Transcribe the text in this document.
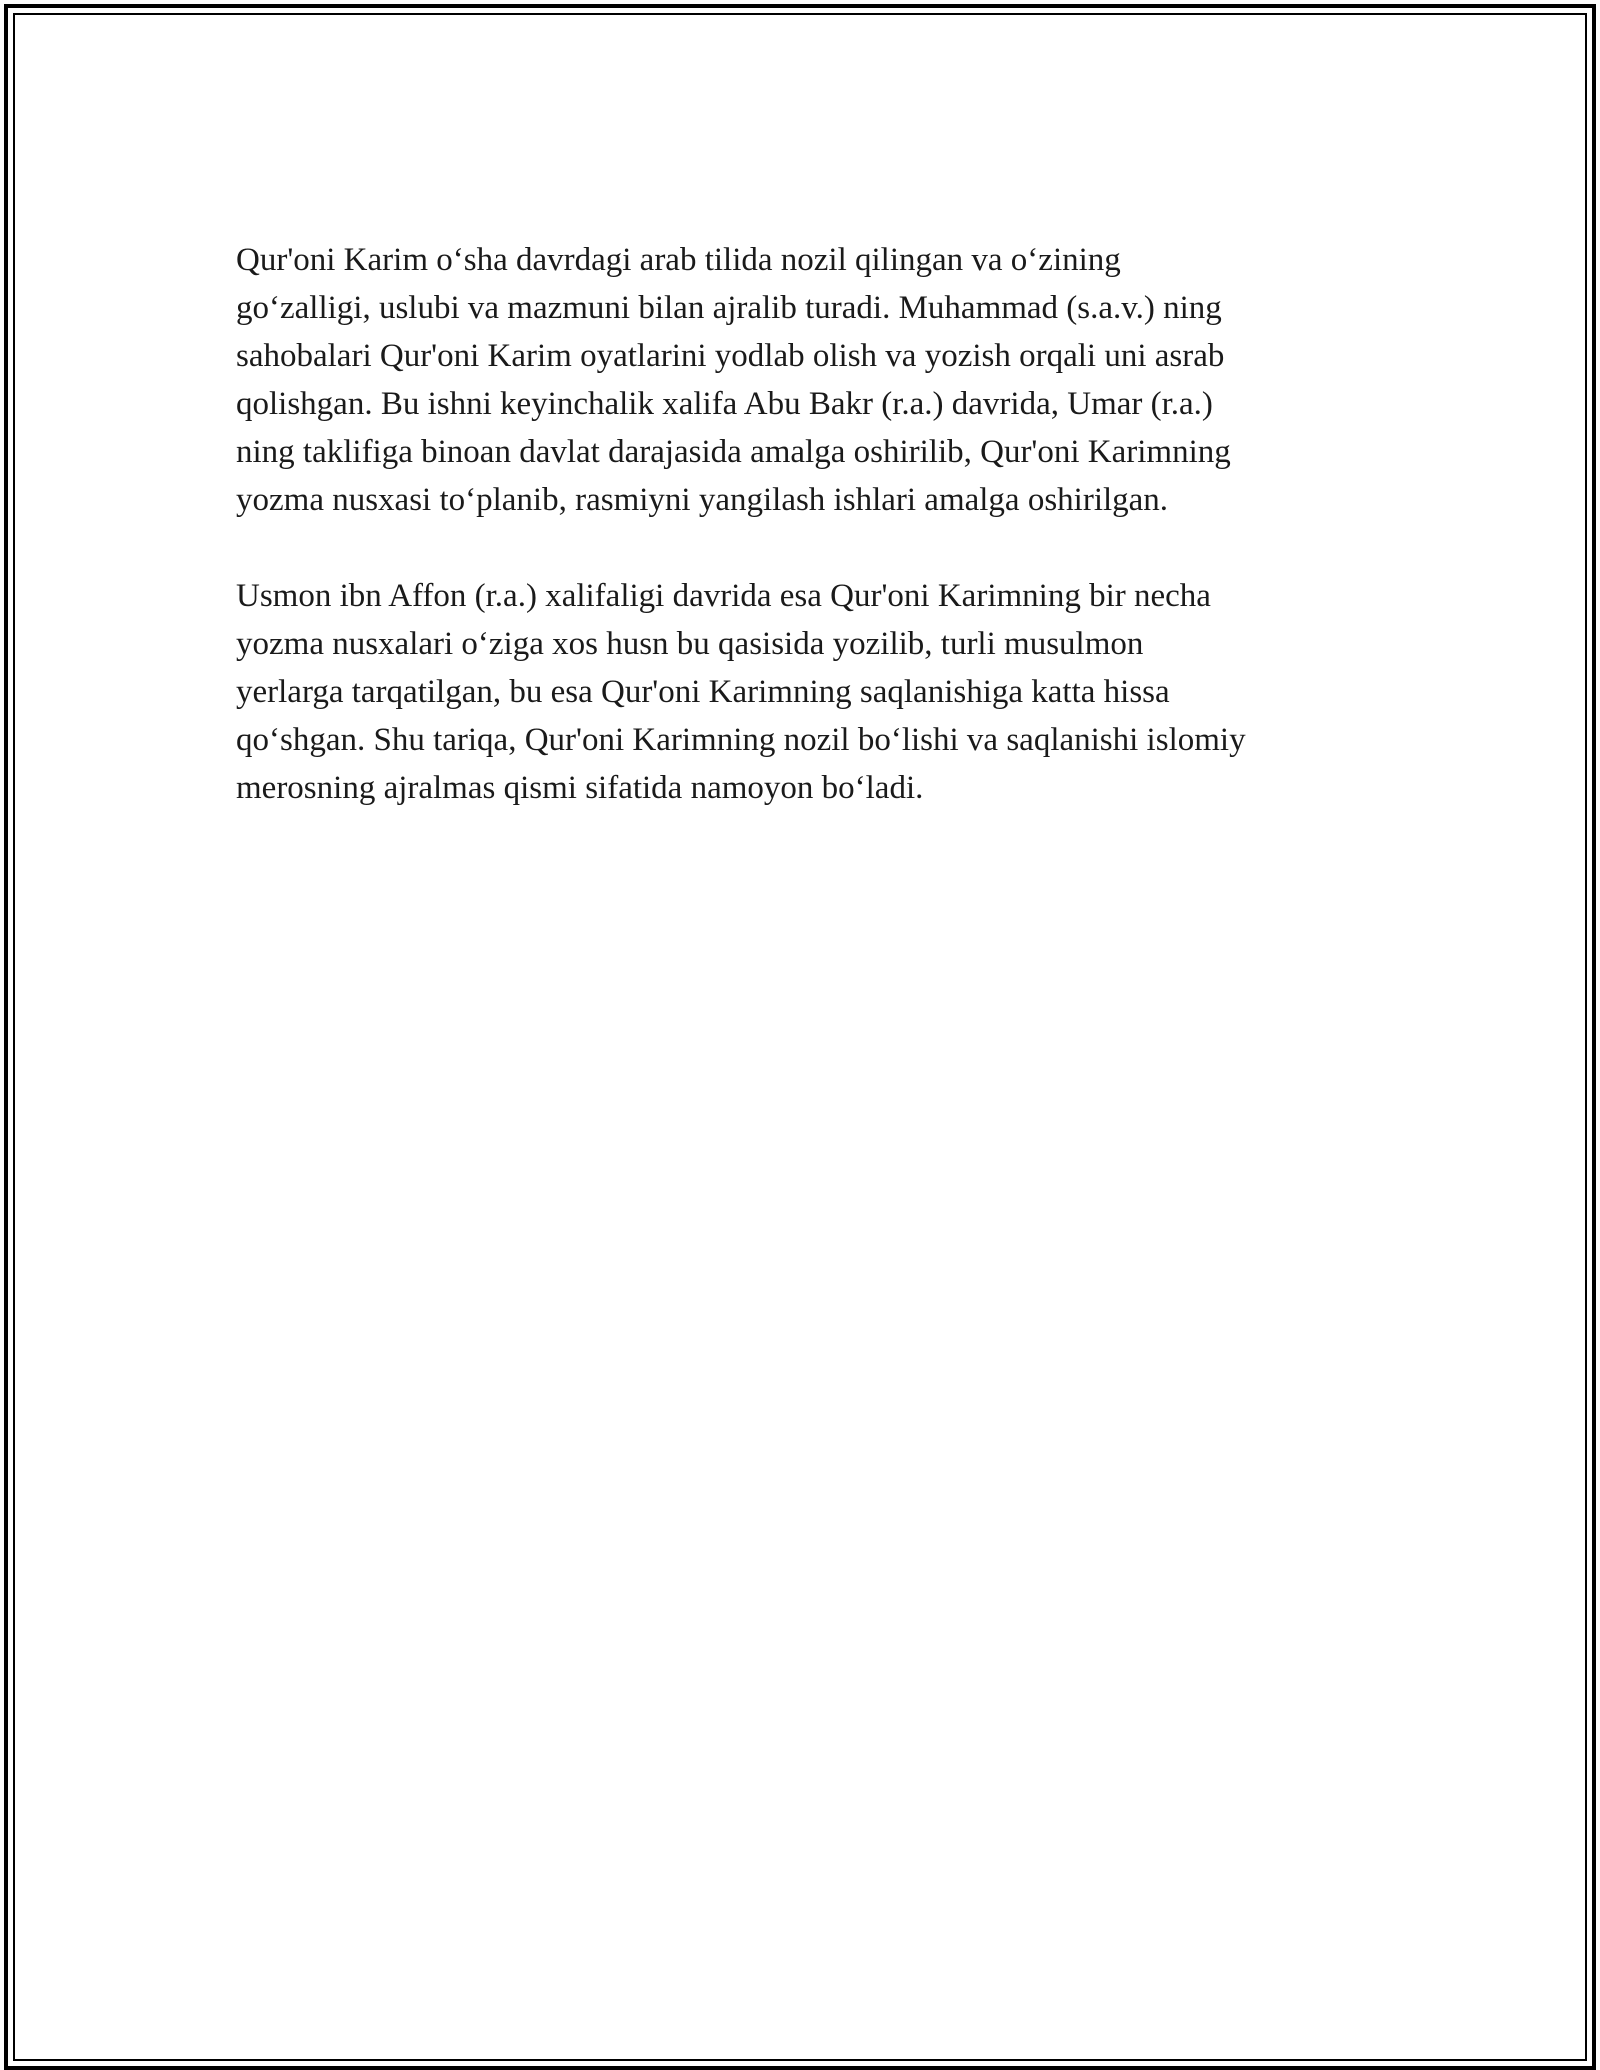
Qur'oni Karim o‘sha davrdagi arab tilida nozil qilingan va o‘zining
go‘zalligi, uslubi va mazmuni bilan ajralib turadi. Muhammad (s.a.v.) ning
sahobalari Qur'oni Karim oyatlarini yodlab olish va yozish orqali uni asrab
qolishgan. Bu ishni keyinchalik xalifa Abu Bakr (r.a.) davrida, Umar (r.a.)
ning taklifiga binoan davlat darajasida amalga oshirilib, Qur'oni Karimning
yozma nusxasi to‘planib, rasmiyni yangilash ishlari amalga oshirilgan.

Usmon ibn Affon (r.a.) xalifaligi davrida esa Qur'oni Karimning bir necha
yozma nusxalari o‘ziga xos husn bu qasisida yozilib, turli musulmon
yerlarga tarqatilgan, bu esa Qur'oni Karimning saqlanishiga katta hissa
qo‘shgan. Shu tariqa, Qur'oni Karimning nozil bo‘lishi va saqlanishi islomiy
merosning ajralmas qismi sifatida namoyon bo‘ladi.
